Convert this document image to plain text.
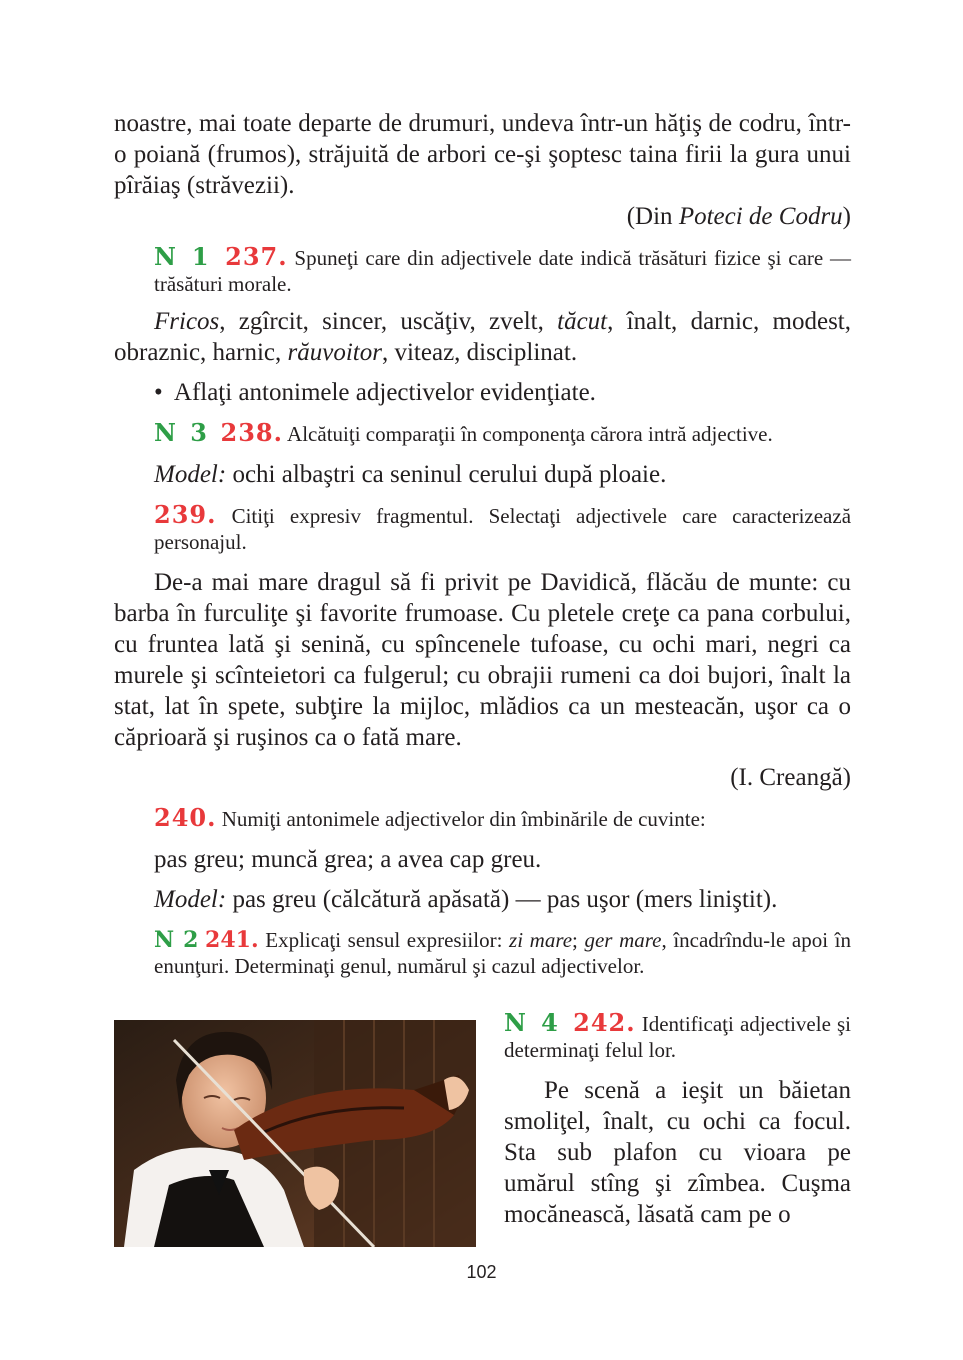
noastre, mai toate departe de drumuri, undeva într-un hăţiş de codru, într-o poiană (frumos), străjuită de arbori ce-şi şoptesc taina firii la gura unui pîrăiaş (străvezii).

(Din Poteci de Codru)

N 1 237. Spuneţi care din adjectivele date indică trăsături fizice şi care — trăsături morale.

Fricos, zgîrcit, sincer, uscăţiv, zvelt, tăcut, înalt, darnic, modest, obraznic, harnic, răuvoitor, viteaz, disciplinat.

• Aflaţi antonimele adjectivelor evidenţiate.

N 3 238. Alcătuiţi comparaţii în componenţa cărora intră adjective.

Model: ochi albaştri ca seninul cerului după ploaie.

239. Citiţi expresiv fragmentul. Selectaţi adjectivele care caracterizează personajul.

De-a mai mare dragul să fi privit pe Davidică, flăcău de munte: cu barba în furculiţe şi favorite frumoase. Cu pletele creţe ca pana corbului, cu fruntea lată şi senină, cu spîncenele tufoase, cu ochi mari, negri ca murele şi scînteietori ca fulgerul; cu obrajii rumeni ca doi bujori, înalt la stat, lat în spete, subţire la mijloc, mlădios ca un mesteacăn, uşor ca o căprioară şi ruşinos ca o fată mare.

(I. Creangă)

240. Numiţi antonimele adjectivelor din îmbinările de cuvinte:

pas greu; muncă grea; a avea cap greu.

Model: pas greu (călcătură apăsată) — pas uşor (mers liniştit).

N 2 241. Explicaţi sensul expresiilor: zi mare; ger mare, încadrîndu-le apoi în enunţuri. Determinaţi genul, numărul şi cazul adjectivelor.

N 4 242. Identificaţi adjectivele şi determinaţi felul lor.

Pe scenă a ieşit un băietan smoliţel, înalt, cu ochi ca focul. Sta sub plafon cu vioara pe umărul stîng şi zîmbea. Cuşma mocănească, lăsată cam pe o

102
